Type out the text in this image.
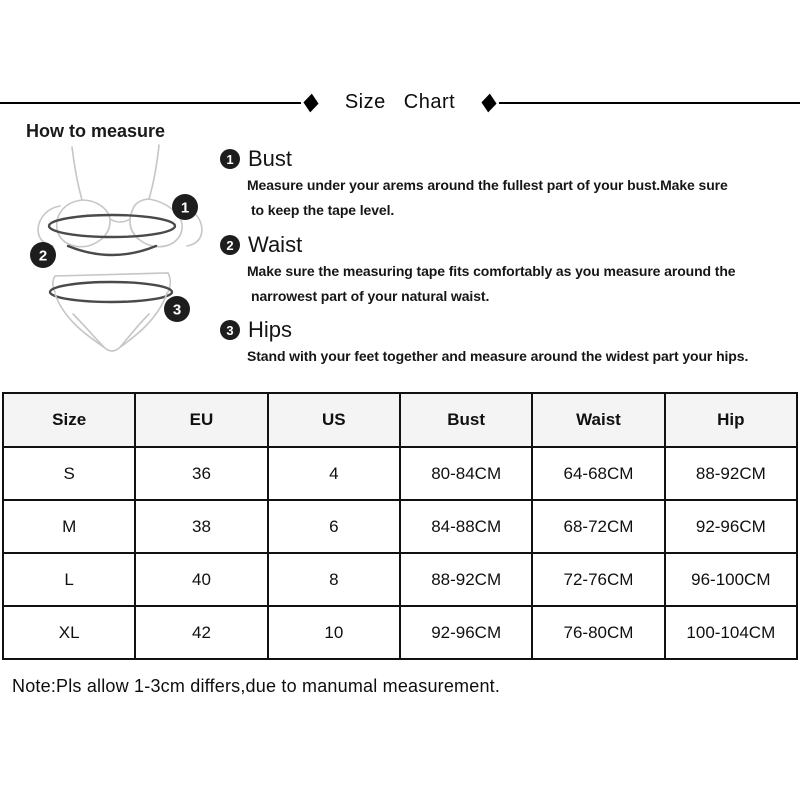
Size Chart
How to measure
1
2
3
1 Bust
Measure under your arems around the fullest part of your bust.Make sure
to keep the tape level.
2 Waist
Make sure the measuring tape fits comfortably as you measure around the
narrowest part of your natural waist.
3 Hips
Stand with your feet together and measure around the widest part your hips.
Size	EU	US	Bust	Waist	Hip
S	36	4	80-84CM	64-68CM	88-92CM
M	38	6	84-88CM	68-72CM	92-96CM
L	40	8	88-92CM	72-76CM	96-100CM
XL	42	10	92-96CM	76-80CM	100-104CM
Note:Pls allow 1-3cm differs,due to manumal measurement.
